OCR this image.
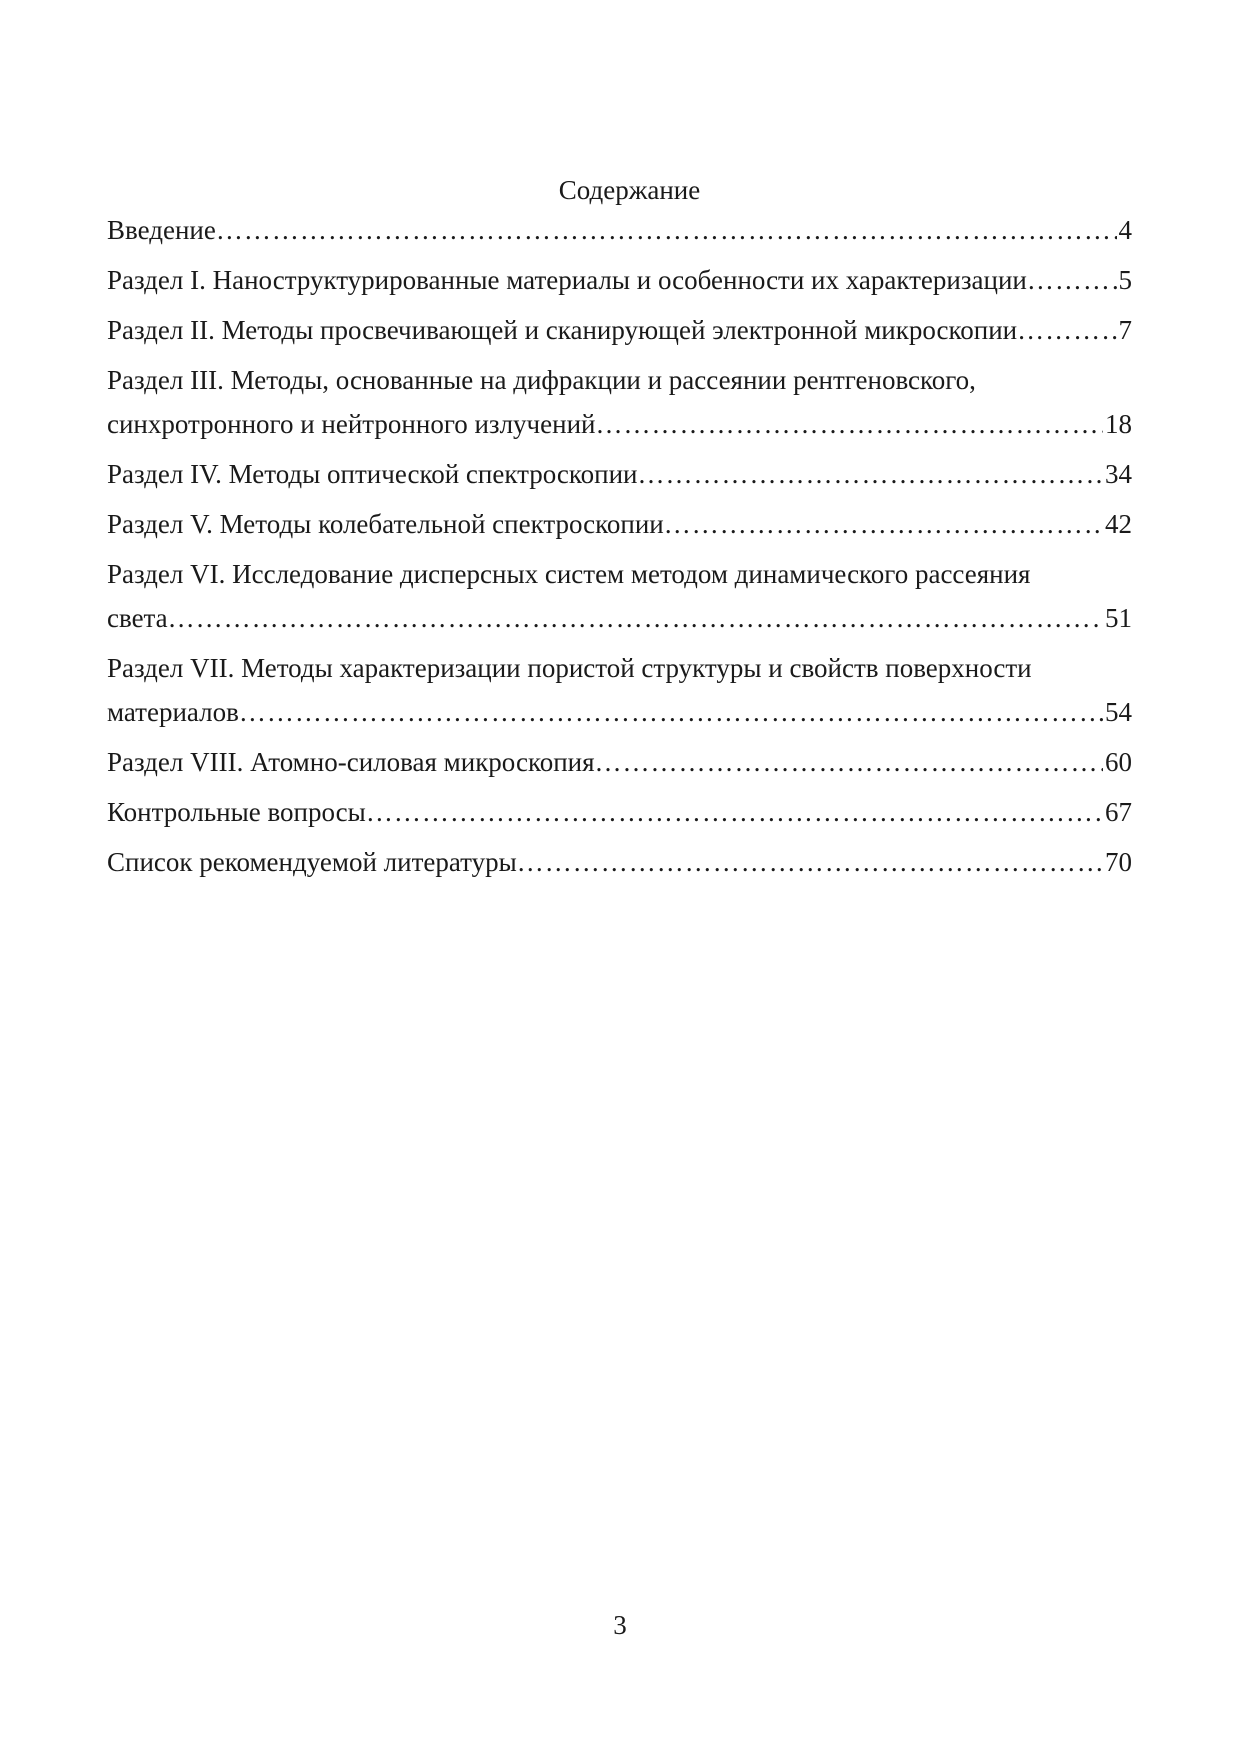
Содержание
Введение ……………………………………………………………………………………………………………………………………………………	4
Раздел I. Наноструктурированные материалы и особенности их характеризации ……………………………………………………………………………………………………………………………………………………	5
Раздел II. Методы просвечивающей и сканирующей электронной микроскопии ……………………………………………………………………………………………………………………………………………………	7
Раздел III. Методы, основанные на дифракции и рассеянии рентгеновского,
синхротронного и нейтронного излучений ……………………………………………………………………………………………………………………………………………………	18
Раздел IV. Методы оптической спектроскопии ……………………………………………………………………………………………………………………………………………………	34
Раздел V. Методы колебательной спектроскопии ……………………………………………………………………………………………………………………………………………………	42
Раздел VI. Исследование дисперсных систем методом динамического рассеяния
света ……………………………………………………………………………………………………………………………………………………	51
Раздел VII. Методы характеризации пористой структуры и свойств поверхности
материалов ……………………………………………………………………………………………………………………………………………………	54
Раздел VIII. Атомно-силовая микроскопия ……………………………………………………………………………………………………………………………………………………	60
Контрольные вопросы ……………………………………………………………………………………………………………………………………………………	67
Список рекомендуемой литературы ……………………………………………………………………………………………………………………………………………………	70
3
